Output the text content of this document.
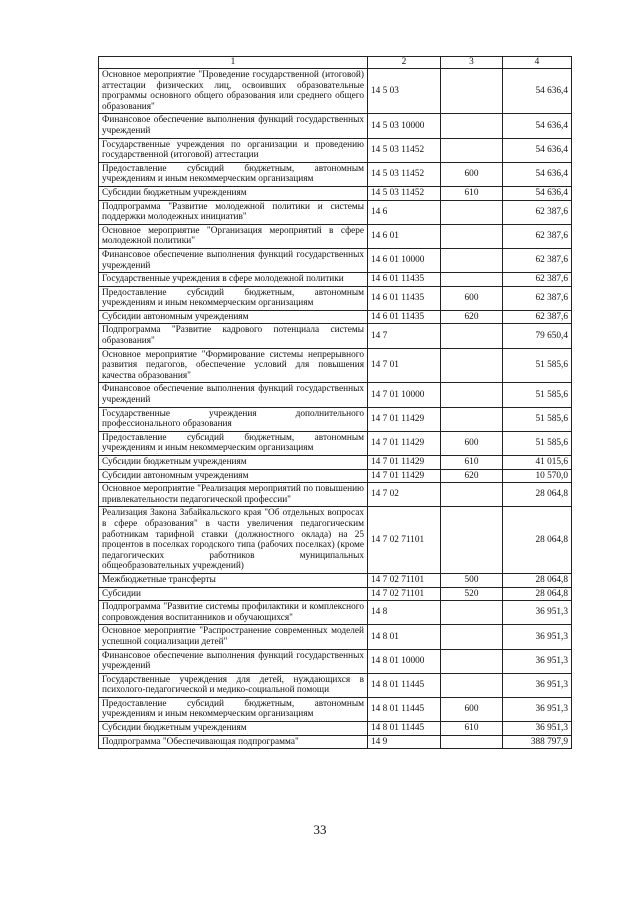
1	2	3	4
Основное мероприятие "Проведение государственной (итоговой) аттестации физических лиц, освоивших образовательные программы основного общего образования или среднего общего образования"	14 5 03		54 636,4
Финансовое обеспечение выполнения функций государственных учреждений	14 5 03 10000		54 636,4
Государственные учреждения по организации и проведению государственной (итоговой) аттестации	14 5 03 11452		54 636,4
Предоставление субсидий бюджетным, автономным учреждениям и иным некоммерческим организациям	14 5 03 11452	600	54 636,4
Субсидии бюджетным учреждениям	14 5 03 11452	610	54 636,4
Подпрограмма "Развитие молодежной политики и системы поддержки молодежных инициатив"	14 6		62 387,6
Основное мероприятие "Организация мероприятий в сфере молодежной политики"	14 6 01		62 387,6
Финансовое обеспечение выполнения функций государственных учреждений	14 6 01 10000		62 387,6
Государственные учреждения в сфере молодежной политики	14 6 01 11435		62 387,6
Предоставление субсидий бюджетным, автономным учреждениям и иным некоммерческим организациям	14 6 01 11435	600	62 387,6
Субсидии автономным учреждениям	14 6 01 11435	620	62 387,6
Подпрограмма "Развитие кадрового потенциала системы образования"	14 7		79 650,4
Основное мероприятие "Формирование системы непрерывного развития педагогов, обеспечение условий для повышения качества образования"	14 7 01		51 585,6
Финансовое обеспечение выполнения функций государственных учреждений	14 7 01 10000		51 585,6
Государственные учреждения дополнительного профессионального образования	14 7 01 11429		51 585,6
Предоставление субсидий бюджетным, автономным учреждениям и иным некоммерческим организациям	14 7 01 11429	600	51 585,6
Субсидии бюджетным учреждениям	14 7 01 11429	610	41 015,6
Субсидии автономным учреждениям	14 7 01 11429	620	10 570,0
Основное мероприятие "Реализация мероприятий по повышению привлекательности педагогической профессии"	14 7 02		28 064,8
Реализация Закона Забайкальского края "Об отдельных вопросах в сфере образования" в части увеличения педагогическим работникам тарифной ставки (должностного оклада) на 25 процентов в поселках городского типа (рабочих поселках) (кроме педагогических работников муниципальных общеобразовательных учреждений)	14 7 02 71101		28 064,8
Межбюджетные трансферты	14 7 02 71101	500	28 064,8
Субсидии	14 7 02 71101	520	28 064,8
Подпрограмма "Развитие системы профилактики и комплексного сопровождения воспитанников и обучающихся"	14 8		36 951,3
Основное мероприятие "Распространение современных моделей успешной социализации детей"	14 8 01		36 951,3
Финансовое обеспечение выполнения функций государственных учреждений	14 8 01 10000		36 951,3
Государственные учреждения для детей, нуждающихся в психолого-педагогической и медико-социальной помощи	14 8 01 11445		36 951,3
Предоставление субсидий бюджетным, автономным учреждениям и иным некоммерческим организациям	14 8 01 11445	600	36 951,3
Субсидии бюджетным учреждениям	14 8 01 11445	610	36 951,3
Подпрограмма "Обеспечивающая подпрограмма"	14 9		388 797,9
33
